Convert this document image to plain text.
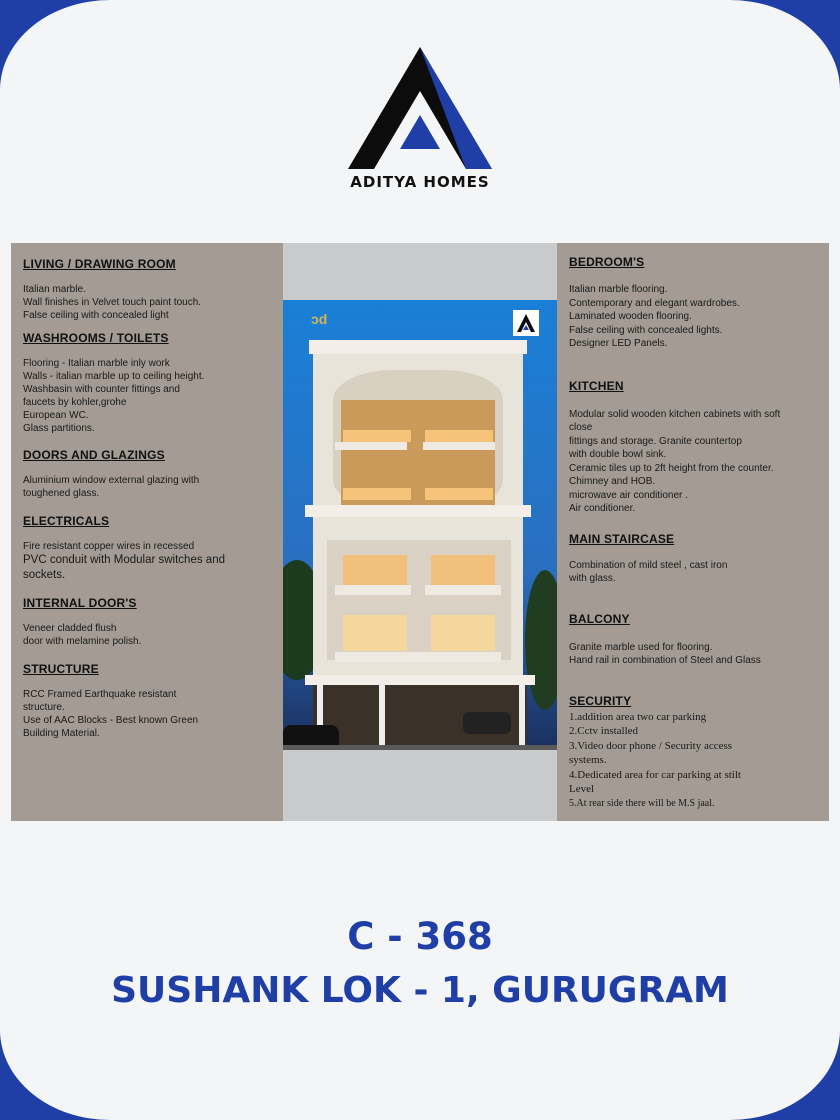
ADITYA HOMES
LIVING / DRAWING ROOM
Italian marble.
Wall finishes in Velvet touch paint touch.
False ceiling with concealed light
WASHROOMS / TOILETS
Flooring - Italian marble inly work
Walls - italian marble up to ceiling height.
Washbasin with counter fittings and
faucets by kohler,grohe
European WC.
Glass partitions.
DOORS AND GLAZINGS
Aluminium window external glazing with
toughened glass.
ELECTRICALS
Fire resistant copper wires in recessed
PVC conduit with Modular switches and
sockets.
INTERNAL DOOR'S
Veneer cladded flush
door with melamine polish.
STRUCTURE
RCC Framed Earthquake resistant
structure.
Use of AAC Blocks - Best known Green
Building Material.
ɔd
BEDROOM'S
Italian marble flooring.
Contemporary and elegant wardrobes.
Laminated wooden flooring.
False ceiling with concealed lights.
Designer LED Panels.
KITCHEN
Modular solid wooden kitchen cabinets with soft
close
fittings and storage. Granite countertop
with double bowl sink.
Ceramic tiles up to 2ft height from the counter.
Chimney and HOB.
microwave air conditioner .
Air conditioner.
MAIN STAIRCASE
Combination of mild steel , cast iron
with glass.
BALCONY
Granite marble used for flooring.
Hand rail in combination of Steel and Glass
SECURITY
1.addition area two car parking
2.Cctv installed
3.Video door phone / Security access
systems.
4.Dedicated area for car parking at stilt
Level
5.At rear side there will be M.S jaal.
C - 368
SUSHANK LOK - 1, GURUGRAM
